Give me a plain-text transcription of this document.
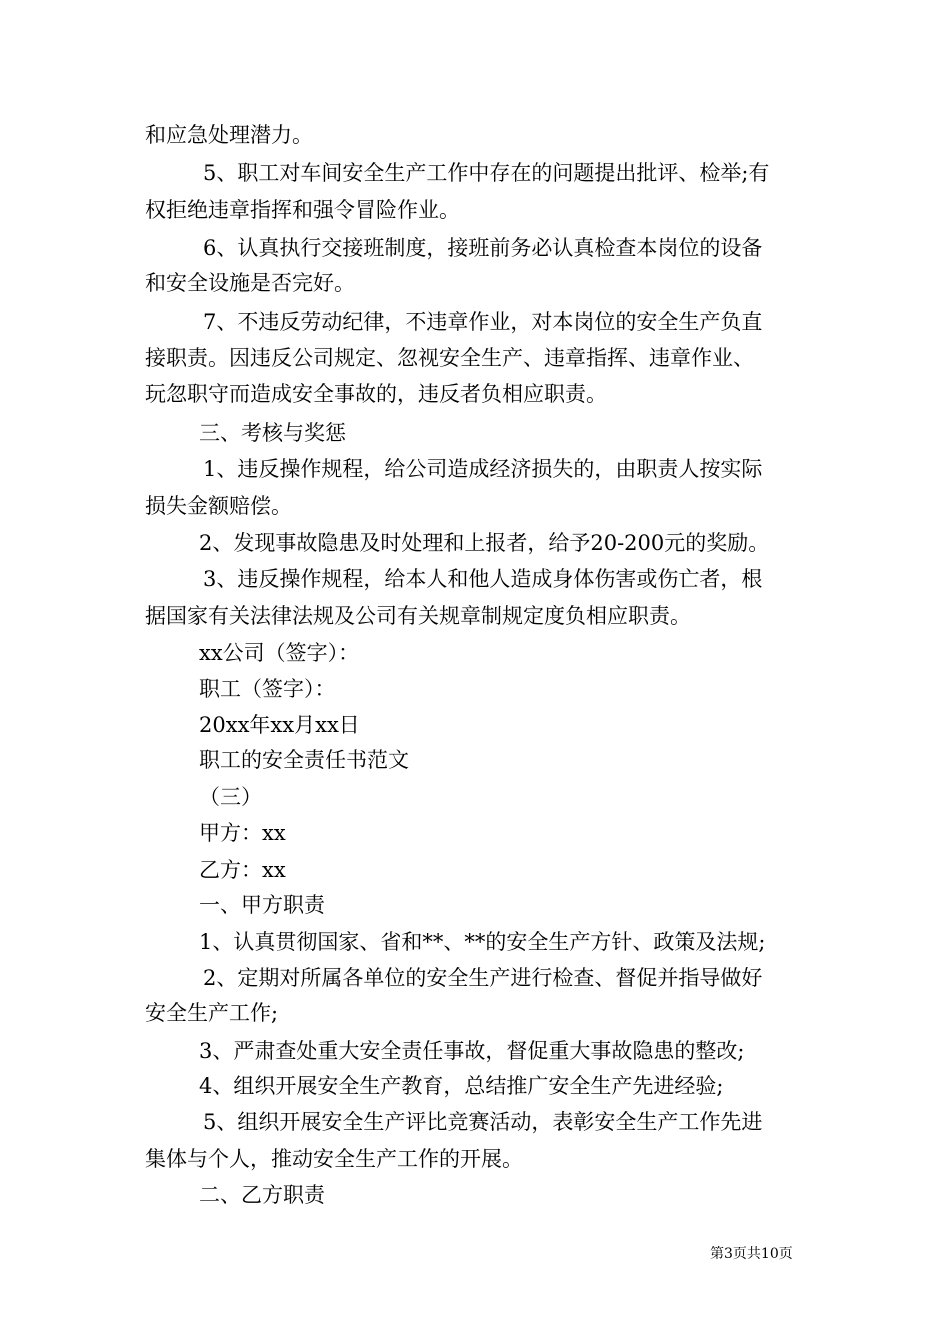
和应急处理潜力。
5、职工对车间安全生产工作中存在的问题提出批评、检举;有
权拒绝违章指挥和强令冒险作业。
6、认真执行交接班制度，接班前务必认真检查本岗位的设备
和安全设施是否完好。
7、不违反劳动纪律，不违章作业，对本岗位的安全生产负直
接职责。因违反公司规定、忽视安全生产、违章指挥、违章作业、
玩忽职守而造成安全事故的，违反者负相应职责。
三、考核与奖惩
1、违反操作规程，给公司造成经济损失的，由职责人按实际
损失金额赔偿。
2、发现事故隐患及时处理和上报者，给予20-200元的奖励。
3、违反操作规程，给本人和他人造成身体伤害或伤亡者，根
据国家有关法律法规及公司有关规章制规定度负相应职责。
xx公司（签字）：
职工（签字）：
20xx年xx月xx日
职工的安全责任书范文
（三）
甲方：xx
乙方：xx
一、甲方职责
1、认真贯彻国家、省和**、**的安全生产方针、政策及法规;
2、定期对所属各单位的安全生产进行检查、督促并指导做好
安全生产工作;
3、严肃查处重大安全责任事故，督促重大事故隐患的整改;
4、组织开展安全生产教育，总结推广安全生产先进经验;
5、组织开展安全生产评比竞赛活动，表彰安全生产工作先进
集体与个人，推动安全生产工作的开展。
二、乙方职责
第3页共10页
